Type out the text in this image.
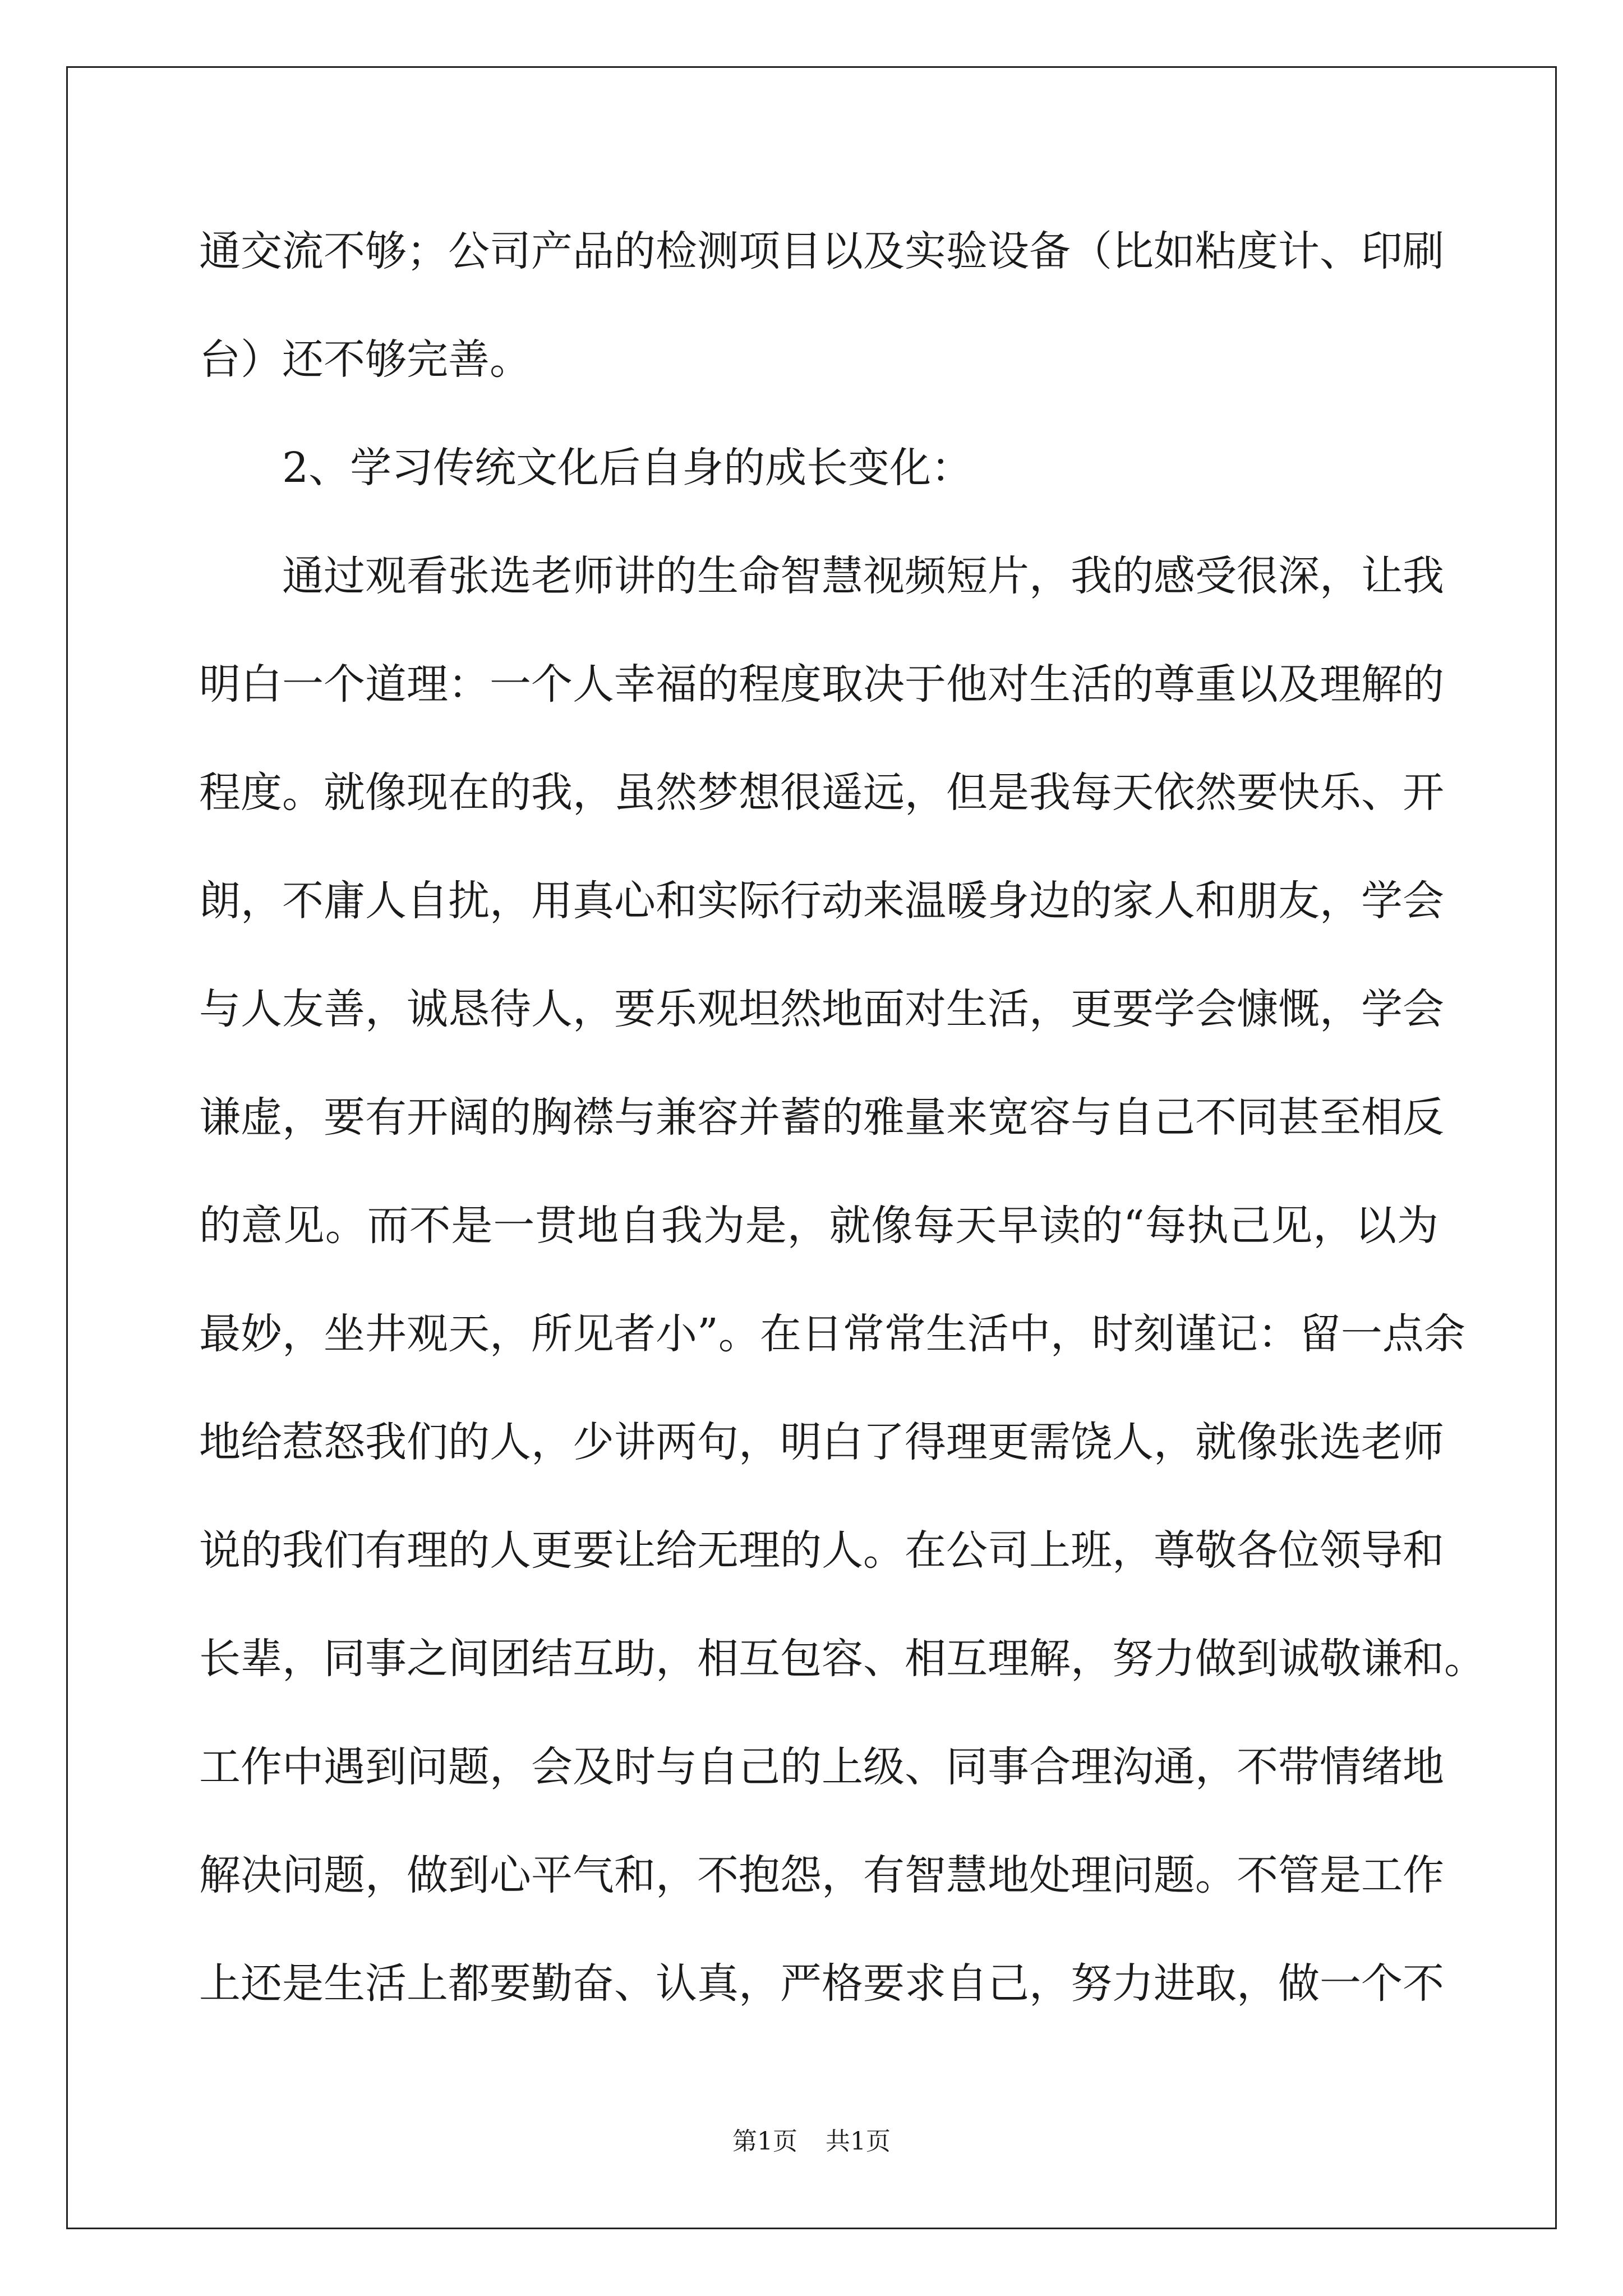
通交流不够；公司产品的检测项目以及实验设备（比如粘度计、印刷
台）还不够完善。
2、学习传统文化后自身的成长变化：
通过观看张选老师讲的生命智慧视频短片，我的感受很深，让我
明白一个道理：一个人幸福的程度取决于他对生活的尊重以及理解的
程度。就像现在的我，虽然梦想很遥远，但是我每天依然要快乐、开
朗，不庸人自扰，用真心和实际行动来温暖身边的家人和朋友，学会
与人友善，诚恳待人，要乐观坦然地面对生活，更要学会慷慨，学会
谦虚，要有开阔的胸襟与兼容并蓄的雅量来宽容与自己不同甚至相反
的意见。而不是一贯地自我为是，就像每天早读的“每执己见，以为
最妙，坐井观天，所见者小”。在日常常生活中，时刻谨记：留一点余
地给惹怒我们的人，少讲两句，明白了得理更需饶人，就像张选老师
说的我们有理的人更要让给无理的人。在公司上班，尊敬各位领导和
长辈，同事之间团结互助，相互包容、相互理解，努力做到诚敬谦和。
工作中遇到问题，会及时与自己的上级、同事合理沟通，不带情绪地
解决问题，做到心平气和，不抱怨，有智慧地处理问题。不管是工作
上还是生活上都要勤奋、认真，严格要求自己，努力进取，做一个不
第1页 共1页
